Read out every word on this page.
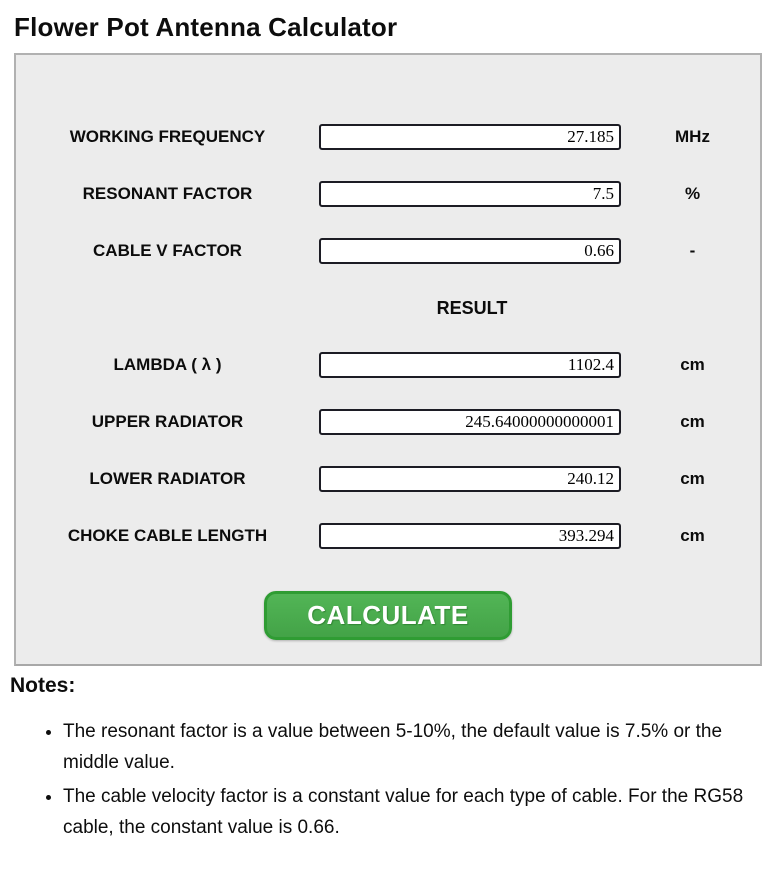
Flower Pot Antenna Calculator
WORKING FREQUENCY
27.185	MHz
RESONANT FACTOR
7.5	%
CABLE V FACTOR
0.66	-
RESULT
LAMBDA ( λ )
1102.4	cm
UPPER RADIATOR
245.64000000000001	cm
LOWER RADIATOR
240.12	cm
CHOKE CABLE LENGTH
393.294	cm
CALCULATE
Notes:
• The resonant factor is a value between 5-10%, the default value is 7.5% or the middle value.
• The cable velocity factor is a constant value for each type of cable. For the RG58 cable, the constant value is 0.66.
